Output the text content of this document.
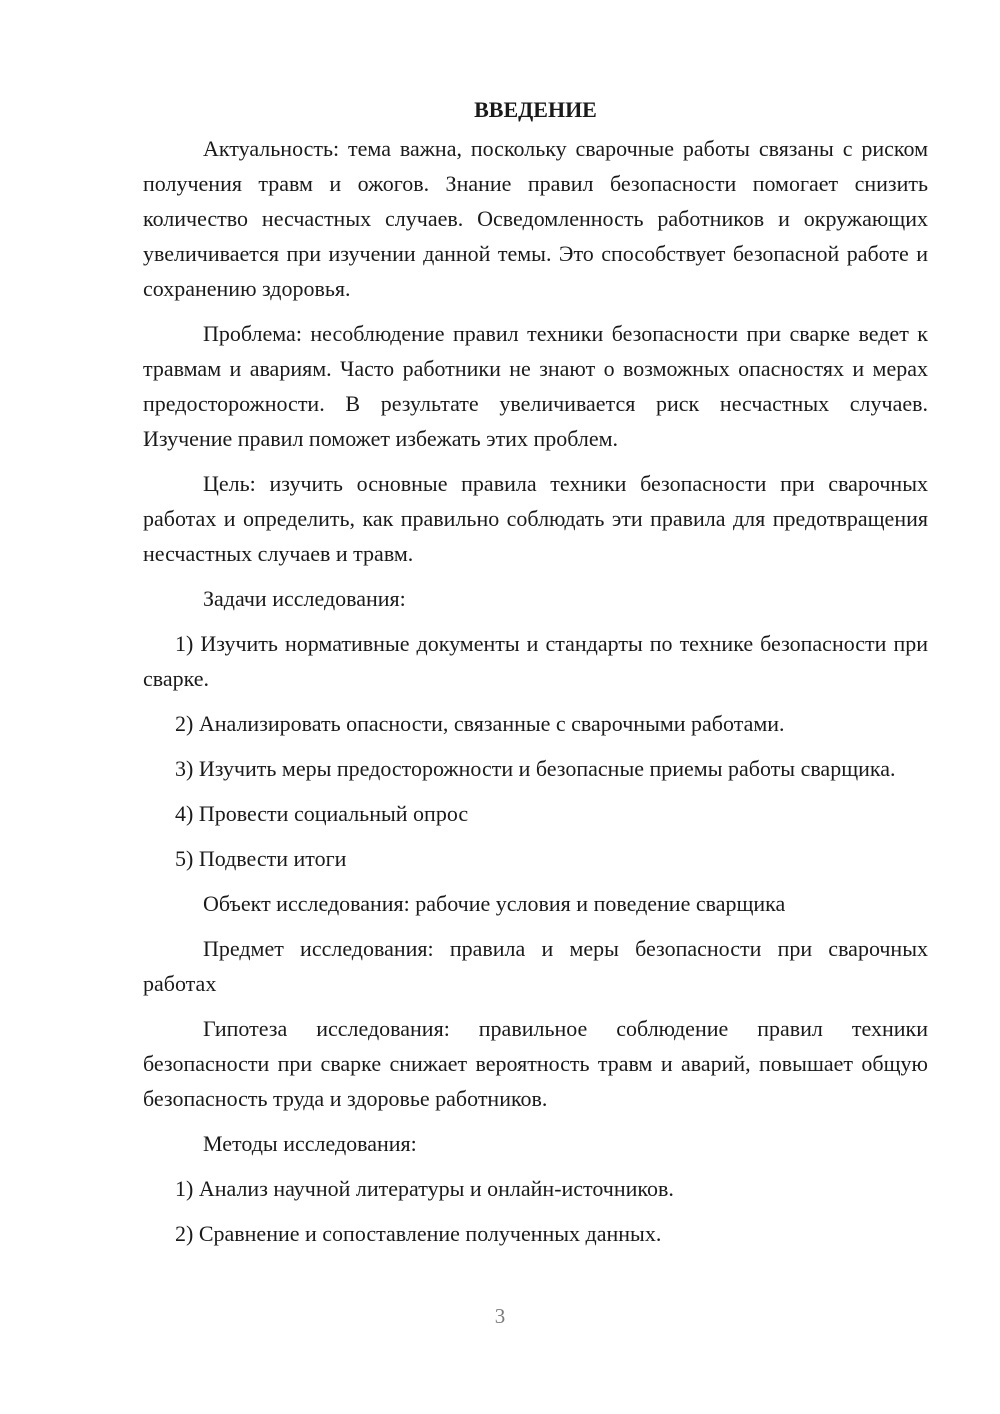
ВВЕДЕНИЕ

Актуальность: тема важна, поскольку сварочные работы связаны с риском получения травм и ожогов. Знание правил безопасности помогает снизить количество несчастных случаев. Осведомленность работников и окружающих увеличивается при изучении данной темы. Это способствует безопасной работе и сохранению здоровья.

Проблема: несоблюдение правил техники безопасности при сварке ведет к травмам и авариям. Часто работники не знают о возможных опасностях и мерах предосторожности. В результате увеличивается риск несчастных случаев. Изучение правил поможет избежать этих проблем.

Цель: изучить основные правила техники безопасности при сварочных работах и определить, как правильно соблюдать эти правила для предотвращения несчастных случаев и травм.

Задачи исследования:

1) Изучить нормативные документы и стандарты по технике безопасности при сварке.

2) Анализировать опасности, связанные с сварочными работами.

3) Изучить меры предосторожности и безопасные приемы работы сварщика.

4) Провести социальный опрос

5) Подвести итоги

Объект исследования: рабочие условия и поведение сварщика

Предмет исследования: правила и меры безопасности при сварочных работах

Гипотеза исследования: правильное соблюдение правил техники безопасности при сварке снижает вероятность травм и аварий, повышает общую безопасность труда и здоровье работников.

Методы исследования:

1) Анализ научной литературы и онлайн-источников.

2) Сравнение и сопоставление полученных данных.

3
